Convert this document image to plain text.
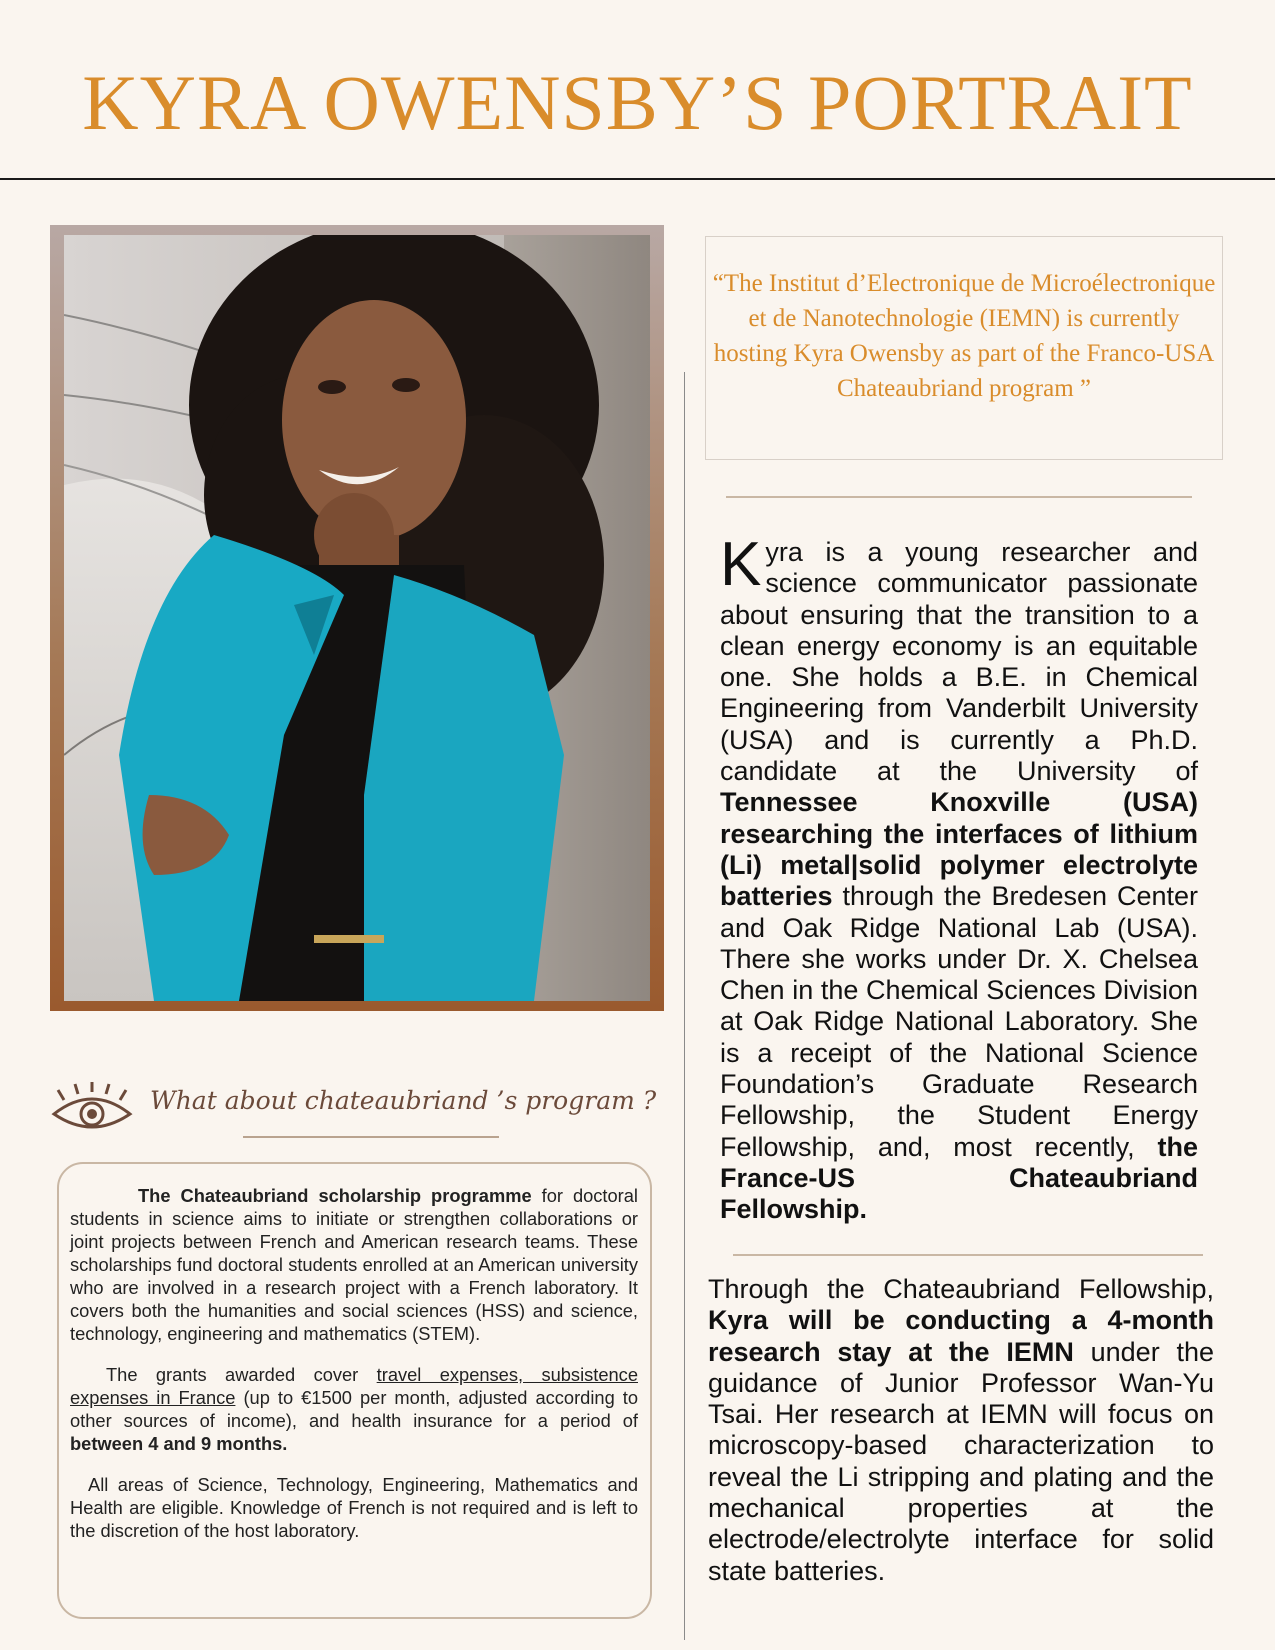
KYRA OWENSBY’S PORTRAIT
“The Institut d’Electronique de Microélectronique et de Nanotechnologie (IEMN) is currently hosting Kyra Owensby as part of the Franco-USA Chateaubriand program ”
Kyra is a young researcher and science communicator passionate about ensuring that the transition to a clean energy economy is an equitable one. She holds a B.E. in Chemical Engineering from Vanderbilt University (USA) and is currently a Ph.D. candidate at the University of Tennessee Knoxville (USA) researching the interfaces of lithium (Li) metal|solid polymer electrolyte batteries through the Bredesen Center and Oak Ridge National Lab (USA). There she works under Dr. X. Chelsea Chen in the Chemical Sciences Division at Oak Ridge National Laboratory. She is a receipt of the National Science Foundation’s Graduate Research Fellowship, the Student Energy Fellowship, and, most recently, the France-US Chateaubriand Fellowship.
Through the Chateaubriand Fellowship, Kyra will be conducting a 4-month research stay at the IEMN under the guidance of Junior Professor Wan-Yu Tsai. Her research at IEMN will focus on microscopy-based characterization to reveal the Li stripping and plating and the mechanical properties at the electrode/electrolyte interface for solid state batteries.
What about chateaubriand ’s program ?

The Chateaubriand scholarship programme for doctoral students in science aims to initiate or strengthen collaborations or joint projects between French and American research teams. These scholarships fund doctoral students enrolled at an American university who are involved in a research project with a French laboratory. It covers both the humanities and social sciences (HSS) and science, technology, engineering and mathematics (STEM).

The grants awarded cover travel expenses, subsistence expenses in France (up to €1500 per month, adjusted according to other sources of income), and health insurance for a period of between 4 and 9 months.

All areas of Science, Technology, Engineering, Mathematics and Health are eligible. Knowledge of French is not required and is left to the discretion of the host laboratory.
